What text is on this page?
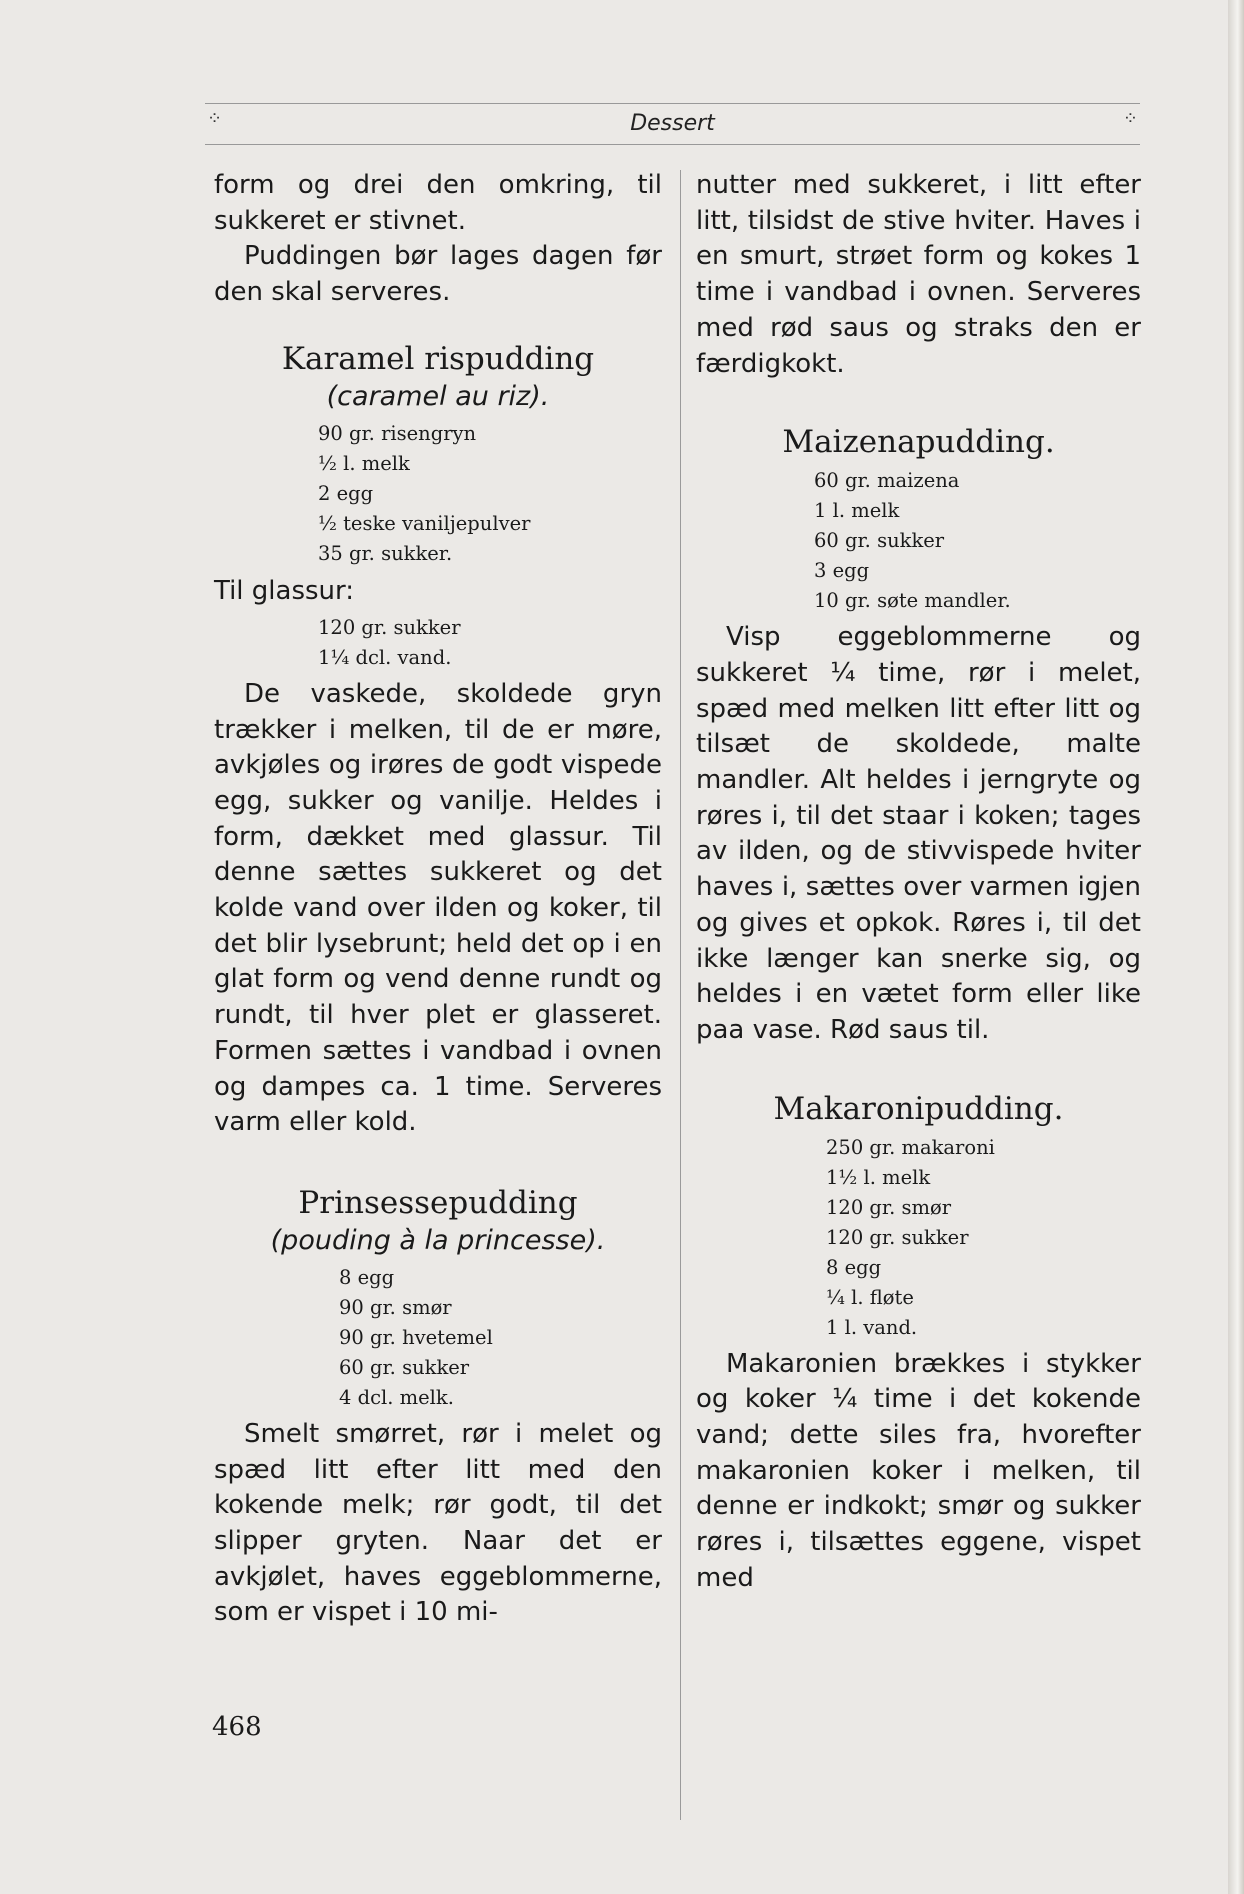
⁘	Dessert	⁘

form og drei den omkring, til sukkeret er stivnet.

Puddingen bør lages dagen før den skal serveres.

Karamel rispudding
(caramel au riz).
90 gr. risengryn
½ l. melk
2 egg
½ teske vaniljepulver
35 gr. sukker.
Til glassur:
120 gr. sukker
1¼ dcl. vand.

De vaskede, skoldede gryn trækker i melken, til de er møre, avkjøles og irøres de godt vispede egg, sukker og vanilje. Heldes i form, dækket med glassur. Til denne sættes sukkeret og det kolde vand over ilden og koker, til det blir lysebrunt; held det op i en glat form og vend denne rundt og rundt, til hver plet er glasseret. Formen sættes i vandbad i ovnen og dampes ca. 1 time. Serveres varm eller kold.

Prinsessepudding
(pouding à la princesse).
8 egg
90 gr. smør
90 gr. hvetemel
60 gr. sukker
4 dcl. melk.

Smelt smørret, rør i melet og spæd litt efter litt med den kokende melk; rør godt, til det slipper gryten. Naar det er avkjølet, haves eggeblommerne, som er vispet i 10 mi-

nutter med sukkeret, i litt efter litt, tilsidst de stive hviter. Haves i en smurt, strøet form og kokes 1 time i vandbad i ovnen. Serveres med rød saus og straks den er færdigkokt.

Maizenapudding.
60 gr. maizena
1 l. melk
60 gr. sukker
3 egg
10 gr. søte mandler.

Visp eggeblommerne og sukkeret ¼ time, rør i melet, spæd med melken litt efter litt og tilsæt de skoldede, malte mandler. Alt heldes i jerngryte og røres i, til det staar i koken; tages av ilden, og de stivvispede hviter haves i, sættes over varmen igjen og gives et opkok. Røres i, til det ikke længer kan snerke sig, og heldes i en vætet form eller like paa vase. Rød saus til.

Makaronipudding.
250 gr. makaroni
1½ l. melk
120 gr. smør
120 gr. sukker
8 egg
¼ l. fløte
1 l. vand.

Makaronien brækkes i stykker og koker ¼ time i det kokende vand; dette siles fra, hvorefter makaronien koker i melken, til denne er indkokt; smør og sukker røres i, tilsættes eggene, vispet med

468
